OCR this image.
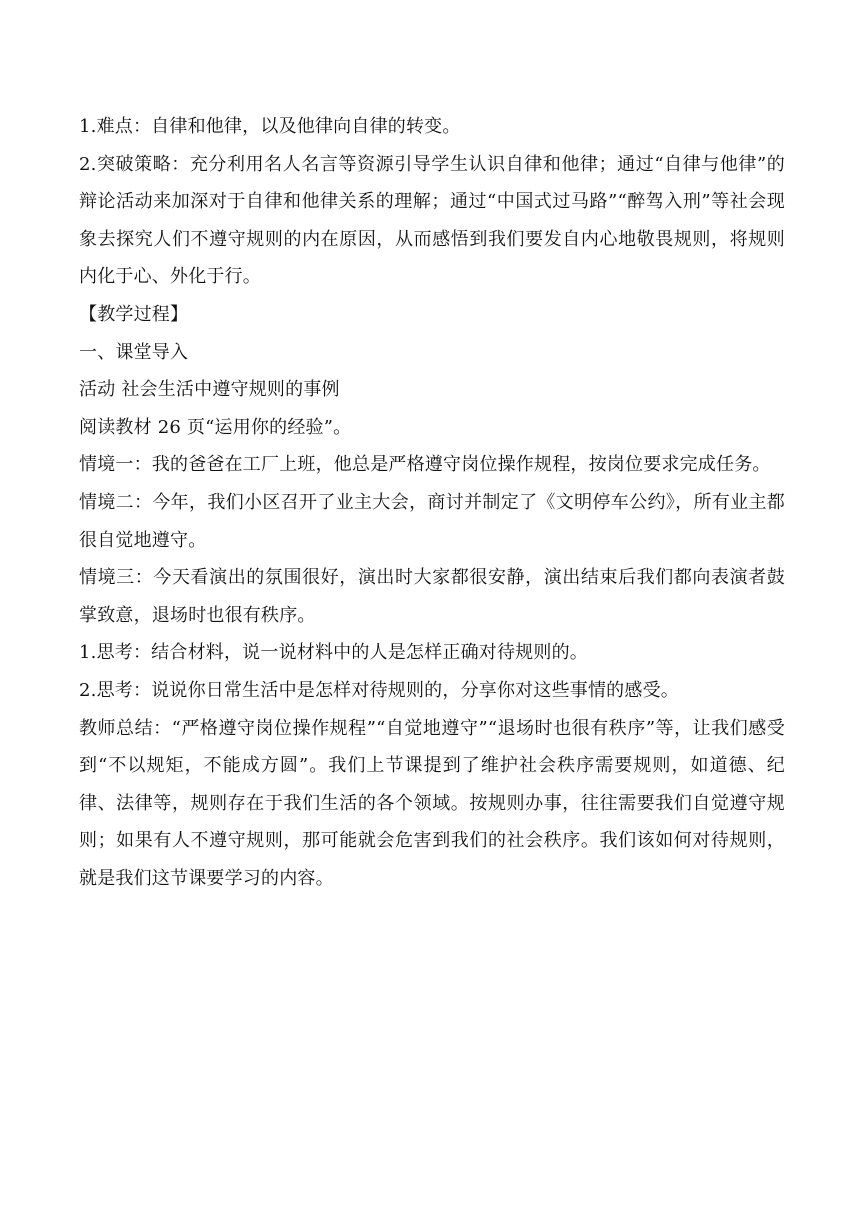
1.难点：自律和他律，以及他律向自律的转变。

2.突破策略：充分利用名人名言等资源引导学生认识自律和他律；通过“自律与他律”的辩论活动来加深对于自律和他律关系的理解；通过“中国式过马路”“醉驾入刑”等社会现象去探究人们不遵守规则的内在原因，从而感悟到我们要发自内心地敬畏规则，将规则内化于心、外化于行。

【教学过程】

一、课堂导入

活动 社会生活中遵守规则的事例

阅读教材 26 页“运用你的经验”。

情境一：我的爸爸在工厂上班，他总是严格遵守岗位操作规程，按岗位要求完成任务。

情境二：今年，我们小区召开了业主大会，商讨并制定了《文明停车公约》，所有业主都很自觉地遵守。

情境三：今天看演出的氛围很好，演出时大家都很安静，演出结束后我们都向表演者鼓掌致意，退场时也很有秩序。

1.思考：结合材料，说一说材料中的人是怎样正确对待规则的。

2.思考：说说你日常生活中是怎样对待规则的，分享你对这些事情的感受。

教师总结：“严格遵守岗位操作规程”“自觉地遵守”“退场时也很有秩序”等，让我们感受到“不以规矩，不能成方圆”。我们上节课提到了维护社会秩序需要规则，如道德、纪律、法律等，规则存在于我们生活的各个领域。按规则办事，往往需要我们自觉遵守规则；如果有人不遵守规则，那可能就会危害到我们的社会秩序。我们该如何对待规则，就是我们这节课要学习的内容。
